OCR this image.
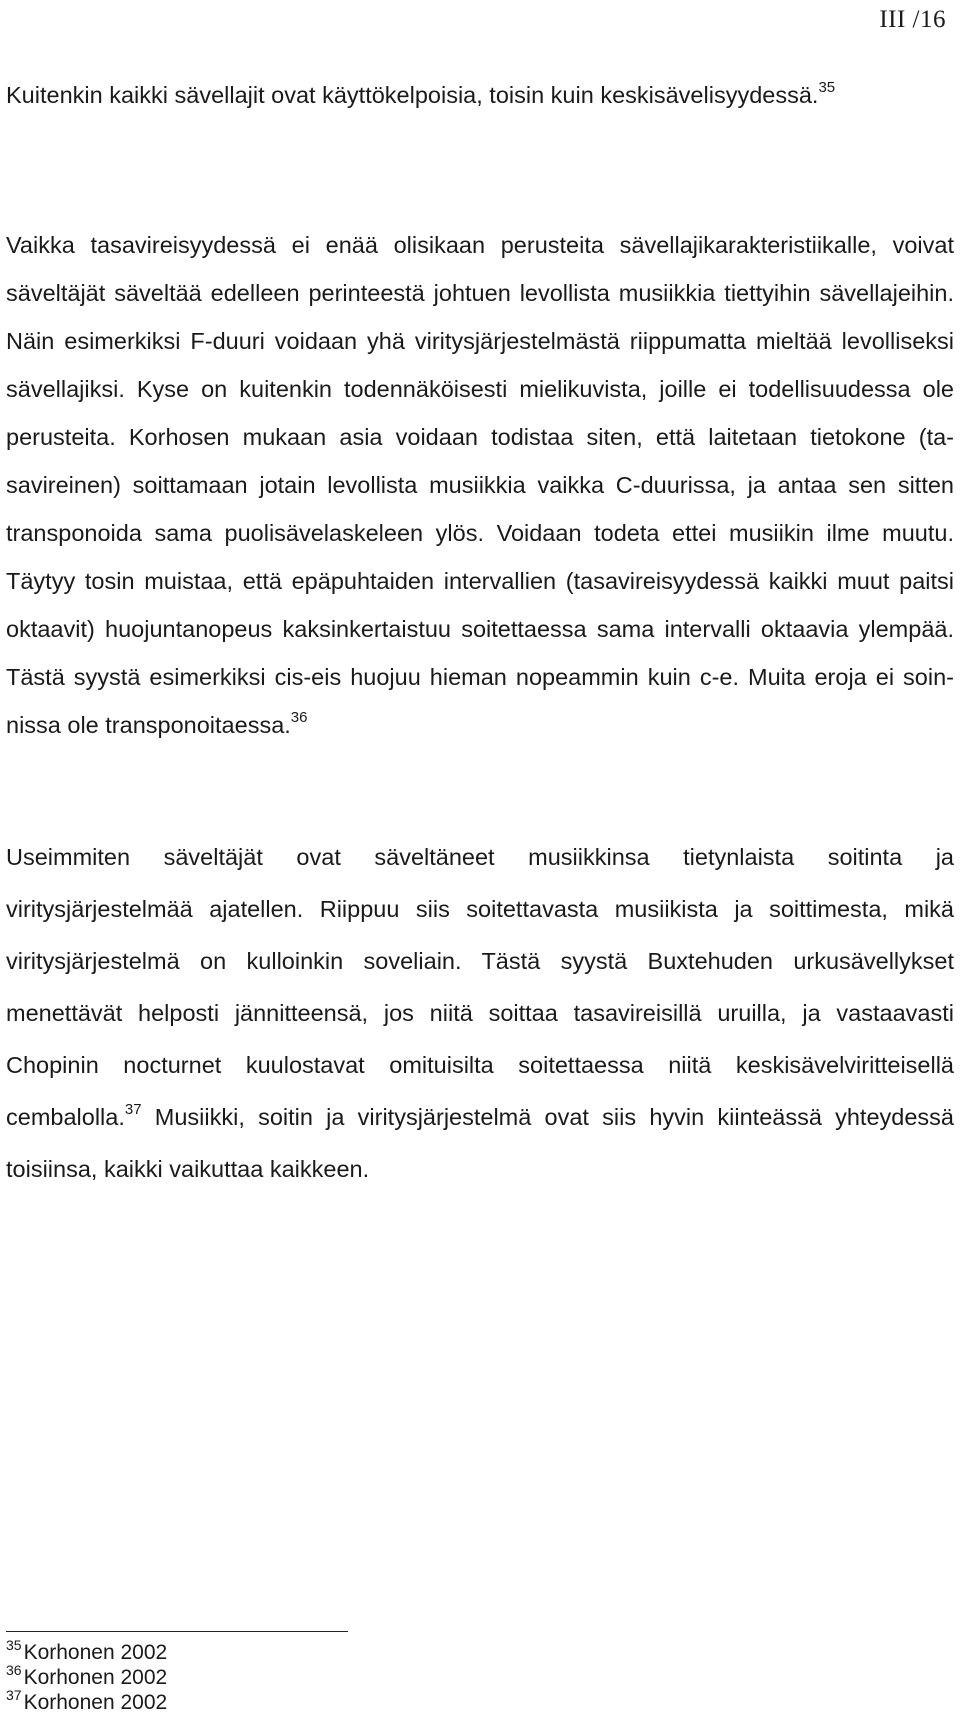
III /16

Kuitenkin kaikki sävellajit ovat käyttökelpoisia, toisin kuin keskisävelisyydessä.$^{35}$

Vaikka tasavireisyydessä ei enää olisikaan perusteita sävellajikarakteristiikalle, voivat säveltäjät säveltää edelleen perinteestä johtuen levollista musiikkia tiettyihin sävellajeihin. Näin esimerkiksi F-duuri voidaan yhä viritysjärjestelmästä riippumatta mieltää levolliseksi sävellajiksi. Kyse on kuitenkin todennäköisesti mielikuvista, joille ei todellisuudessa ole perusteita. Korhosen mukaan asia voidaan todistaa siten, että laitetaan tietokone (tasavireinen) soittamaan jotain levollista musiikkia vaikka C-duurissa, ja antaa sen sitten transponoida sama puolisävelaskeleen ylös. Voidaan todeta ettei musiikin ilme muutu. Täytyy tosin muistaa, että epäpuhtaiden intervallien (tasavireisyydessä kaikki muut paitsi oktaavit) huojuntanopeus kaksinkertaistuu soitettaessa sama intervalli oktaavia ylempää. Tästä syystä esimerkiksi cis-eis huojuu hieman nopeammin kuin c-e. Muita eroja ei soinnissa ole transponoitaessa.$^{36}$

Useimmiten säveltäjät ovat säveltäneet musiikkinsa tietynlaista soitinta ja viritysjärjestelmää ajatellen. Riippuu siis soitettavasta musiikista ja soittimesta, mikä viritysjärjestelmä on kulloinkin soveliain. Tästä syystä Buxtehuden urkusävellykset menettävät helposti jännitteensä, jos niitä soittaa tasavireisillä uruilla, ja vastaavasti Chopinin nocturnet kuulostavat omituisilta soitettaessa niitä keskisävelviritteisellä cembalolla.$^{37}$ Musiikki, soitin ja viritysjärjestelmä ovat siis hyvin kiinteässä yhteydessä toisiinsa, kaikki vaikuttaa kaikkeen.

$^{35}$Korhonen 2002
$^{36}$Korhonen 2002
$^{37}$Korhonen 2002
